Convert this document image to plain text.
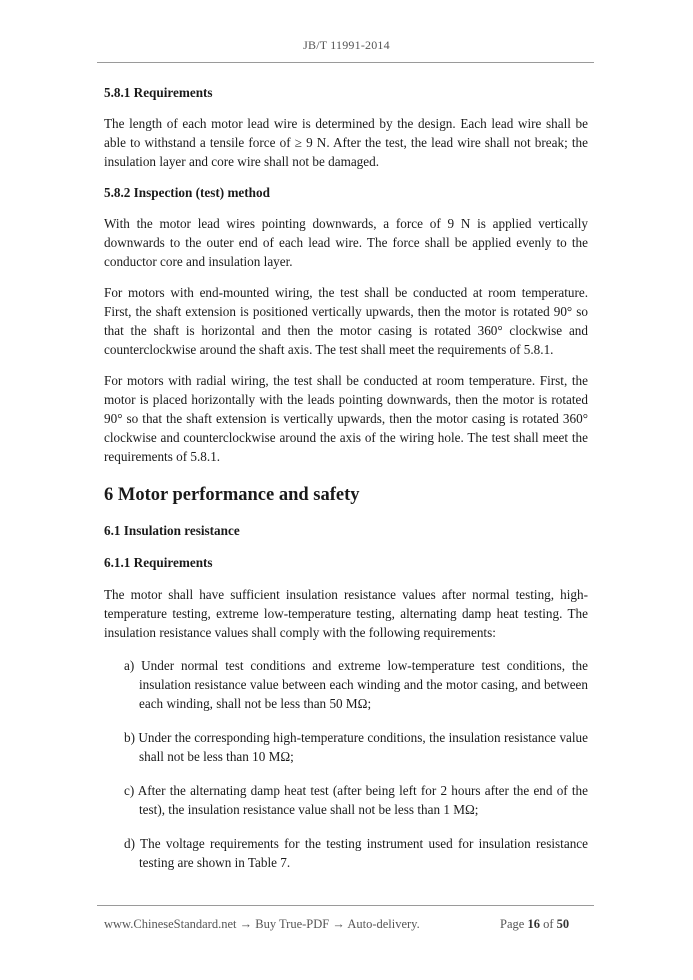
JB/T 11991-2014
5.8.1 Requirements

The length of each motor lead wire is determined by the design. Each lead wire shall be able to withstand a tensile force of ≥ 9 N. After the test, the lead wire shall not break; the insulation layer and core wire shall not be damaged.

5.8.2 Inspection (test) method

With the motor lead wires pointing downwards, a force of 9 N is applied vertically downwards to the outer end of each lead wire. The force shall be applied evenly to the conductor core and insulation layer.

For motors with end-mounted wiring, the test shall be conducted at room temperature. First, the shaft extension is positioned vertically upwards, then the motor is rotated 90° so that the shaft is horizontal and then the motor casing is rotated 360° clockwise and counterclockwise around the shaft axis. The test shall meet the requirements of 5.8.1.

For motors with radial wiring, the test shall be conducted at room temperature. First, the motor is placed horizontally with the leads pointing downwards, then the motor is rotated 90° so that the shaft extension is vertically upwards, then the motor casing is rotated 360° clockwise and counterclockwise around the axis of the wiring hole. The test shall meet the requirements of 5.8.1.

6 Motor performance and safety
6.1 Insulation resistance
6.1.1 Requirements

The motor shall have sufficient insulation resistance values after normal testing, high-temperature testing, extreme low-temperature testing, alternating damp heat testing. The insulation resistance values shall comply with the following requirements:

a) Under normal test conditions and extreme low-temperature test conditions, the insulation resistance value between each winding and the motor casing, and between each winding, shall not be less than 50 MΩ;
b) Under the corresponding high-temperature conditions, the insulation resistance value shall not be less than 10 MΩ;
c) After the alternating damp heat test (after being left for 2 hours after the end of the test), the insulation resistance value shall not be less than 1 MΩ;
d) The voltage requirements for the testing instrument used for insulation resistance testing are shown in Table 7.
www.ChineseStandard.net → Buy True-PDF → Auto-delivery.	Page 16 of 50
